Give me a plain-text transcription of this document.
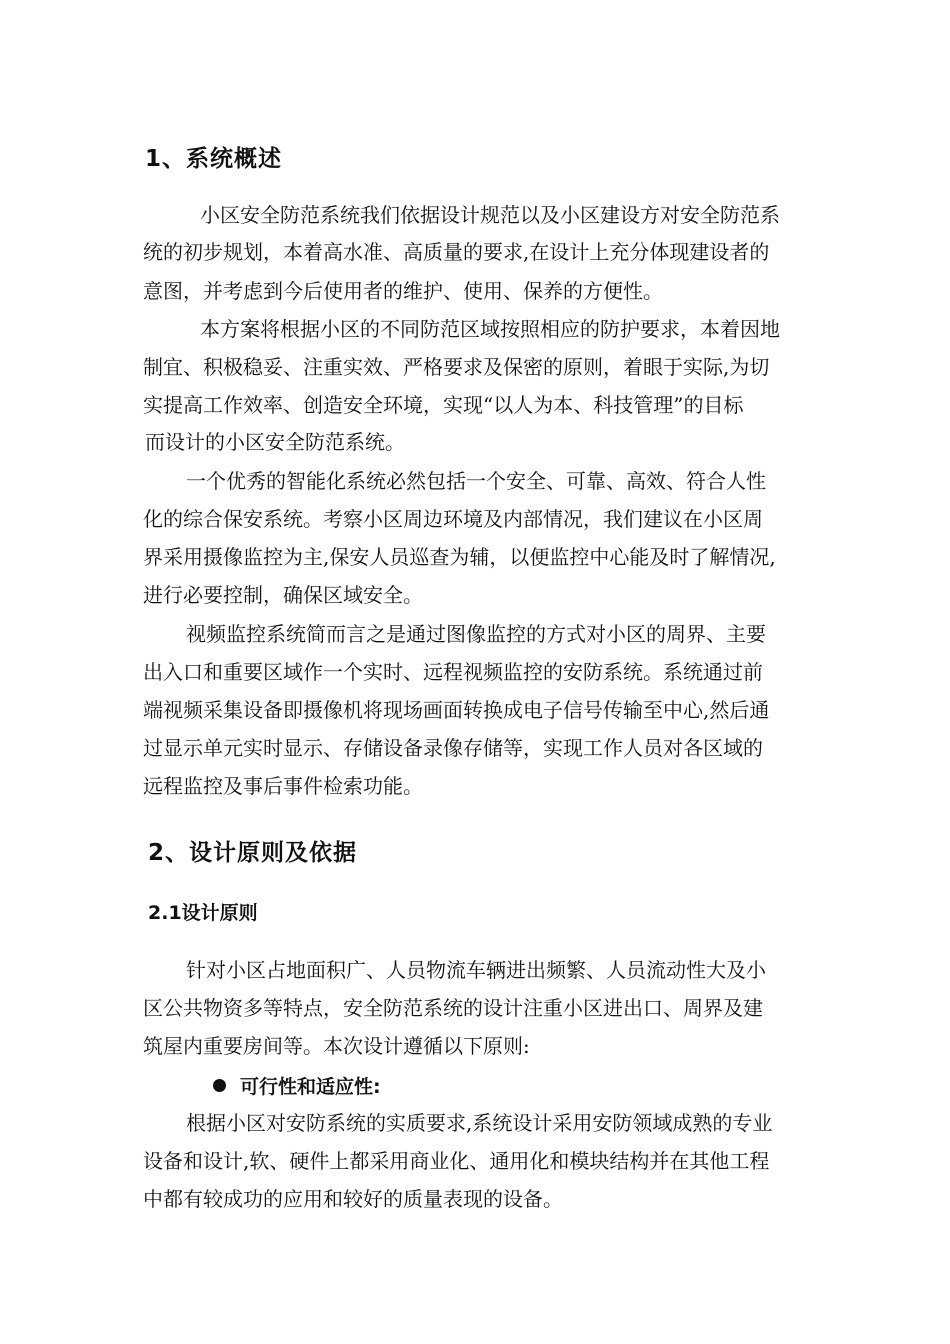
1、系统概述
小区安全防范系统我们依据设计规范以及小区建设方对安全防范系
统的初步规划，本着高水准、高质量的要求,在设计上充分体现建设者的
意图，并考虑到今后使用者的维护、使用、保养的方便性。
本方案将根据小区的不同防范区域按照相应的防护要求，本着因地
制宜、积极稳妥、注重实效、严格要求及保密的原则，着眼于实际,为切
实提高工作效率、创造安全环境，实现“以人为本、科技管理”的目标
而设计的小区安全防范系统。
一个优秀的智能化系统必然包括一个安全、可靠、高效、符合人性
化的综合保安系统。考察小区周边环境及内部情况，我们建议在小区周
界采用摄像监控为主,保安人员巡查为辅，以便监控中心能及时了解情况,
进行必要控制，确保区域安全。
视频监控系统简而言之是通过图像监控的方式对小区的周界、主要
出入口和重要区域作一个实时、远程视频监控的安防系统。系统通过前
端视频采集设备即摄像机将现场画面转换成电子信号传输至中心,然后通
过显示单元实时显示、存储设备录像存储等，实现工作人员对各区域的
远程监控及事后事件检索功能。
2、设计原则及依据
2.1设计原则
针对小区占地面积广、人员物流车辆进出频繁、人员流动性大及小
区公共物资多等特点，安全防范系统的设计注重小区进出口、周界及建
筑屋内重要房间等。本次设计遵循以下原则:
可行性和适应性:
根据小区对安防系统的实质要求,系统设计采用安防领域成熟的专业
设备和设计,软、硬件上都采用商业化、通用化和模块结构并在其他工程
中都有较成功的应用和较好的质量表现的设备。
